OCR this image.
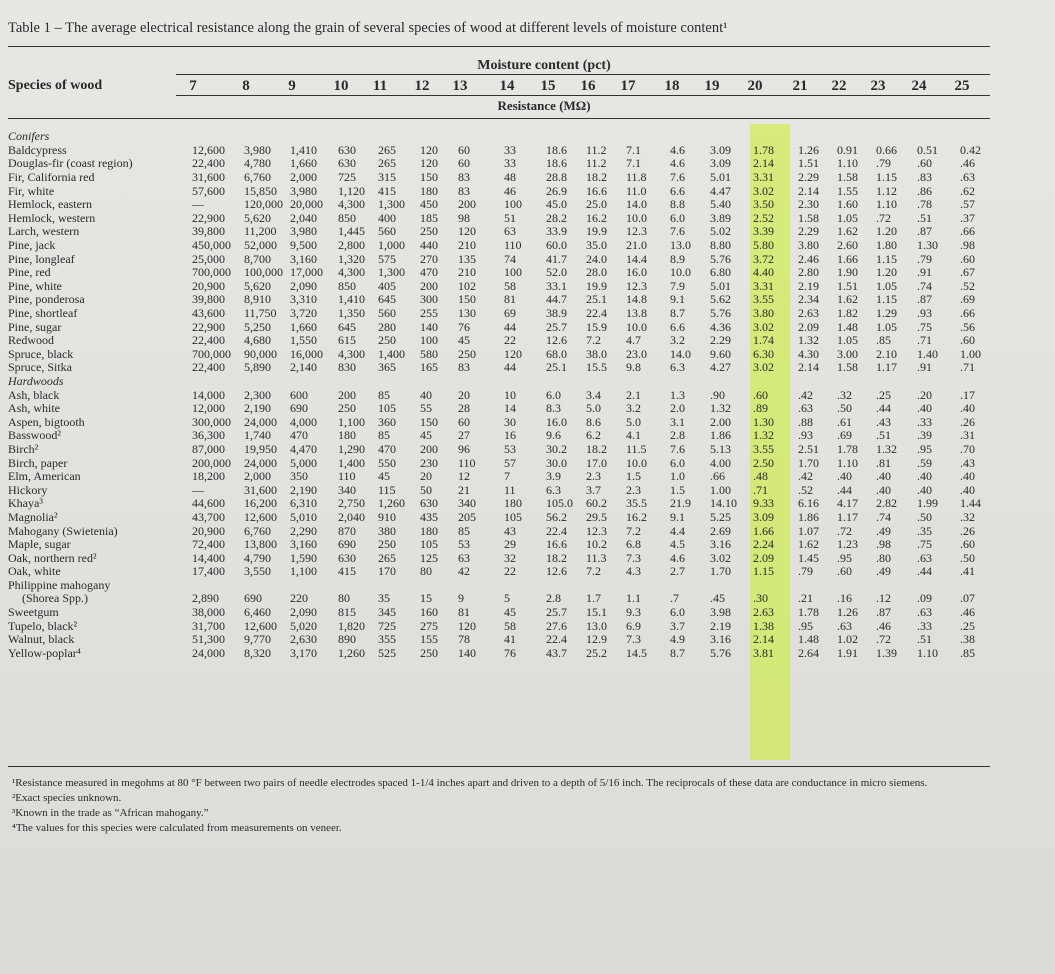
Table 1 – The average electrical resistance along the grain of several species of wood at different levels of moisture content¹
Species of wood
Moisture content (pct)
Resistance (MΩ)
7	8	9	10	11	12	13	14	15	16	17	18	19	20	21	22	23	24	25
Conifers																			
Baldcypress	12,600	3,980	1,410	630	265	120	60	33	18.6	11.2	7.1	4.6	3.09	1.78	1.26	0.91	0.66	0.51	0.42
Douglas-fir (coast region)	22,400	4,780	1,660	630	265	120	60	33	18.6	11.2	7.1	4.6	3.09	2.14	1.51	1.10	.79	.60	.46
Fir, California red	31,600	6,760	2,000	725	315	150	83	48	28.8	18.2	11.8	7.6	5.01	3.31	2.29	1.58	1.15	.83	.63
Fir, white	57,600	15,850	3,980	1,120	415	180	83	46	26.9	16.6	11.0	6.6	4.47	3.02	2.14	1.55	1.12	.86	.62
Hemlock, eastern	—	120,000	20,000	4,300	1,300	450	200	100	45.0	25.0	14.0	8.8	5.40	3.50	2.30	1.60	1.10	.78	.57
Hemlock, western	22,900	5,620	2,040	850	400	185	98	51	28.2	16.2	10.0	6.0	3.89	2.52	1.58	1.05	.72	.51	.37
Larch, western	39,800	11,200	3,980	1,445	560	250	120	63	33.9	19.9	12.3	7.6	5.02	3.39	2.29	1.62	1.20	.87	.66
Pine, jack	450,000	52,000	9,500	2,800	1,000	440	210	110	60.0	35.0	21.0	13.0	8.80	5.80	3.80	2.60	1.80	1.30	.98
Pine, longleaf	25,000	8,700	3,160	1,320	575	270	135	74	41.7	24.0	14.4	8.9	5.76	3.72	2.46	1.66	1.15	.79	.60
Pine, red	700,000	100,000	17,000	4,300	1,300	470	210	100	52.0	28.0	16.0	10.0	6.80	4.40	2.80	1.90	1.20	.91	.67
Pine, white	20,900	5,620	2,090	850	405	200	102	58	33.1	19.9	12.3	7.9	5.01	3.31	2.19	1.51	1.05	.74	.52
Pine, ponderosa	39,800	8,910	3,310	1,410	645	300	150	81	44.7	25.1	14.8	9.1	5.62	3.55	2.34	1.62	1.15	.87	.69
Pine, shortleaf	43,600	11,750	3,720	1,350	560	255	130	69	38.9	22.4	13.8	8.7	5.76	3.80	2.63	1.82	1.29	.93	.66
Pine, sugar	22,900	5,250	1,660	645	280	140	76	44	25.7	15.9	10.0	6.6	4.36	3.02	2.09	1.48	1.05	.75	.56
Redwood	22,400	4,680	1,550	615	250	100	45	22	12.6	7.2	4.7	3.2	2.29	1.74	1.32	1.05	.85	.71	.60
Spruce, black	700,000	90,000	16,000	4,300	1,400	580	250	120	68.0	38.0	23.0	14.0	9.60	6.30	4.30	3.00	2.10	1.40	1.00
Spruce, Sitka	22,400	5,890	2,140	830	365	165	83	44	25.1	15.5	9.8	6.3	4.27	3.02	2.14	1.58	1.17	.91	.71
Hardwoods																			
Ash, black	14,000	2,300	600	200	85	40	20	10	6.0	3.4	2.1	1.3	.90	.60	.42	.32	.25	.20	.17
Ash, white	12,000	2,190	690	250	105	55	28	14	8.3	5.0	3.2	2.0	1.32	.89	.63	.50	.44	.40	.40
Aspen, bigtooth	300,000	24,000	4,000	1,100	360	150	60	30	16.0	8.6	5.0	3.1	2.00	1.30	.88	.61	.43	.33	.26
Basswood²	36,300	1,740	470	180	85	45	27	16	9.6	6.2	4.1	2.8	1.86	1.32	.93	.69	.51	.39	.31
Birch²	87,000	19,950	4,470	1,290	470	200	96	53	30.2	18.2	11.5	7.6	5.13	3.55	2.51	1.78	1.32	.95	.70
Birch, paper	200,000	24,000	5,000	1,400	550	230	110	57	30.0	17.0	10.0	6.0	4.00	2.50	1.70	1.10	.81	.59	.43
Elm, American	18,200	2,000	350	110	45	20	12	7	3.9	2.3	1.5	1.0	.66	.48	.42	.40	.40	.40	.40
Hickory	—	31,600	2,190	340	115	50	21	11	6.3	3.7	2.3	1.5	1.00	.71	.52	.44	.40	.40	.40
Khaya³	44,600	16,200	6,310	2,750	1,260	630	340	180	105.0	60.2	35.5	21.9	14.10	9.33	6.16	4.17	2.82	1.99	1.44
Magnolia²	43,700	12,600	5,010	2,040	910	435	205	105	56.2	29.5	16.2	9.1	5.25	3.09	1.86	1.17	.74	.50	.32
Mahogany (Swietenia)	20,900	6,760	2,290	870	380	180	85	43	22.4	12.3	7.2	4.4	2.69	1.66	1.07	.72	.49	.35	.26
Maple, sugar	72,400	13,800	3,160	690	250	105	53	29	16.6	10.2	6.8	4.5	3.16	2.24	1.62	1.23	.98	.75	.60
Oak, northern red²	14,400	4,790	1,590	630	265	125	63	32	18.2	11.3	7.3	4.6	3.02	2.09	1.45	.95	.80	.63	.50
Oak, white	17,400	3,550	1,100	415	170	80	42	22	12.6	7.2	4.3	2.7	1.70	1.15	.79	.60	.49	.44	.41
Philippine mahogany																			
(Shorea Spp.)	2,890	690	220	80	35	15	9	5	2.8	1.7	1.1	.7	.45	.30	.21	.16	.12	.09	.07
Sweetgum	38,000	6,460	2,090	815	345	160	81	45	25.7	15.1	9.3	6.0	3.98	2.63	1.78	1.26	.87	.63	.46
Tupelo, black²	31,700	12,600	5,020	1,820	725	275	120	58	27.6	13.0	6.9	3.7	2.19	1.38	.95	.63	.46	.33	.25
Walnut, black	51,300	9,770	2,630	890	355	155	78	41	22.4	12.9	7.3	4.9	3.16	2.14	1.48	1.02	.72	.51	.38
Yellow-poplar⁴	24,000	8,320	3,170	1,260	525	250	140	76	43.7	25.2	14.5	8.7	5.76	3.81	2.64	1.91	1.39	1.10	.85
¹Resistance measured in megohms at 80 °F between two pairs of needle electrodes spaced 1-1/4 inches apart and driven to a depth of 5/16 inch. The reciprocals of these data are conductance in micro siemens.
²Exact species unknown.
³Known in the trade as “African mahogany.”
⁴The values for this species were calculated from measurements on veneer.
